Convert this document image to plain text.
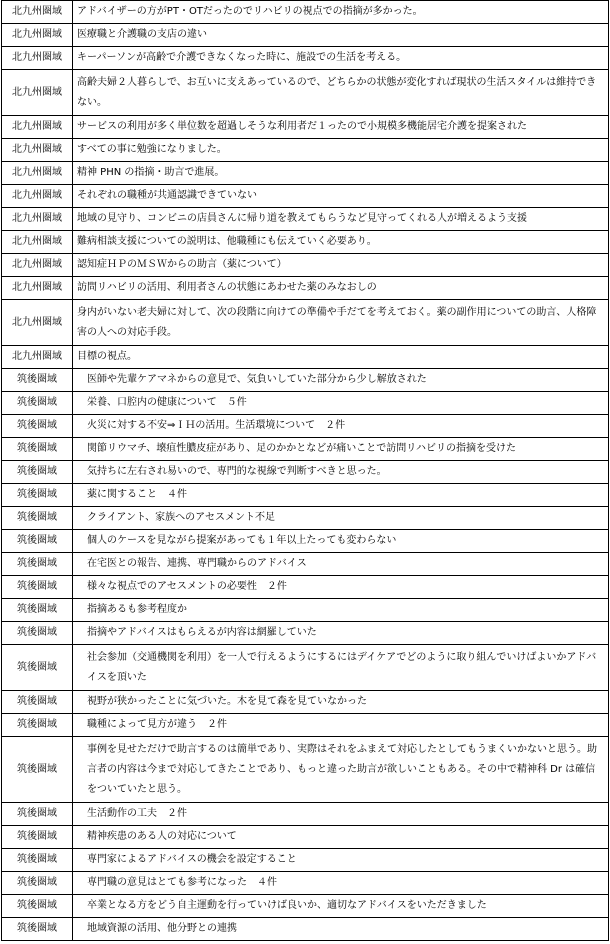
北九州圏域	アドバイザーの方がPT・OTだったのでリハビリの視点での指摘が多かった。
北九州圏域	医療職と介護職の支店の違い
北九州圏域	キーパーソンが高齢で介護できなくなった時に、施設での生活を考える。
北九州圏域	高齢夫婦２人暮らしで、お互いに支えあっているので、どちらかの状態が変化すれば現状の生活スタイルは維持できない。
北九州圏域	サービスの利用が多く単位数を超過しそうな利用者だ１ったので小規模多機能居宅介護を提案された
北九州圏域	すべての事に勉強になりました。
北九州圏域	精神 PHN の指摘・助言で進展。
北九州圏域	それぞれの職種が共通認識できていない
北九州圏域	地域の見守り、コンビニの店員さんに帰り道を教えてもらうなど見守ってくれる人が増えるよう支援
北九州圏域	難病相談支援についての説明は、他職種にも伝えていく必要あり。
北九州圏域	認知症ＨＰのＭＳＷからの助言（薬について）
北九州圏域	訪問リハビリの活用、利用者さんの状態にあわせた薬のみなおしの
北九州圏域	身内がいない老夫婦に対して、次の段階に向けての準備や手だてを考えておく。薬の副作用についての助言、人格障害の人への対応手段。
北九州圏域	目標の視点。
筑後圏域	医師や先輩ケアマネからの意見で、気負いしていた部分から少し解放された
筑後圏域	栄養、口腔内の健康について　５件
筑後圏域	火災に対する不安⇒ＩＨの活用。生活環境について　２件
筑後圏域	関節リウマチ、壊疽性膿皮症があり、足のかかとなどが痛いことで訪問リハビリの指摘を受けた
筑後圏域	気持ちに左右され易いので、専門的な視線で判断すべきと思った。
筑後圏域	薬に関すること　４件
筑後圏域	クライアント、家族へのアセスメント不足
筑後圏域	個人のケースを見ながら提案があっても１年以上たっても変わらない
筑後圏域	在宅医との報告、連携、専門職からのアドバイス
筑後圏域	様々な視点でのアセスメントの必要性　２件
筑後圏域	指摘あるも参考程度か
筑後圏域	指摘やアドバイスはもらえるが内容は網羅していた
筑後圏域	社会参加（交通機関を利用）を一人で行えるようにするにはデイケアでどのように取り組んでいけばよいかアドバイスを頂いた
筑後圏域	視野が狭かったことに気づいた。木を見て森を見ていなかった
筑後圏域	職種によって見方が違う　２件
筑後圏域	事例を見せただけで助言するのは簡単であり、実際はそれをふまえて対応したとしてもうまくいかないと思う。助言者の内容は今まで対応してきたことであり、もっと違った助言が欲しいこともある。その中で精神科 Dr は確信をついていたと思う。
筑後圏域	生活動作の工夫　２件
筑後圏域	精神疾患のある人の対応について
筑後圏域	専門家によるアドバイスの機会を設定すること
筑後圏域	専門職の意見はとても参考になった　４件
筑後圏域	卒業となる方をどう自主運動を行っていけば良いか、適切なアドバイスをいただきました
筑後圏域	地域資源の活用、他分野との連携
